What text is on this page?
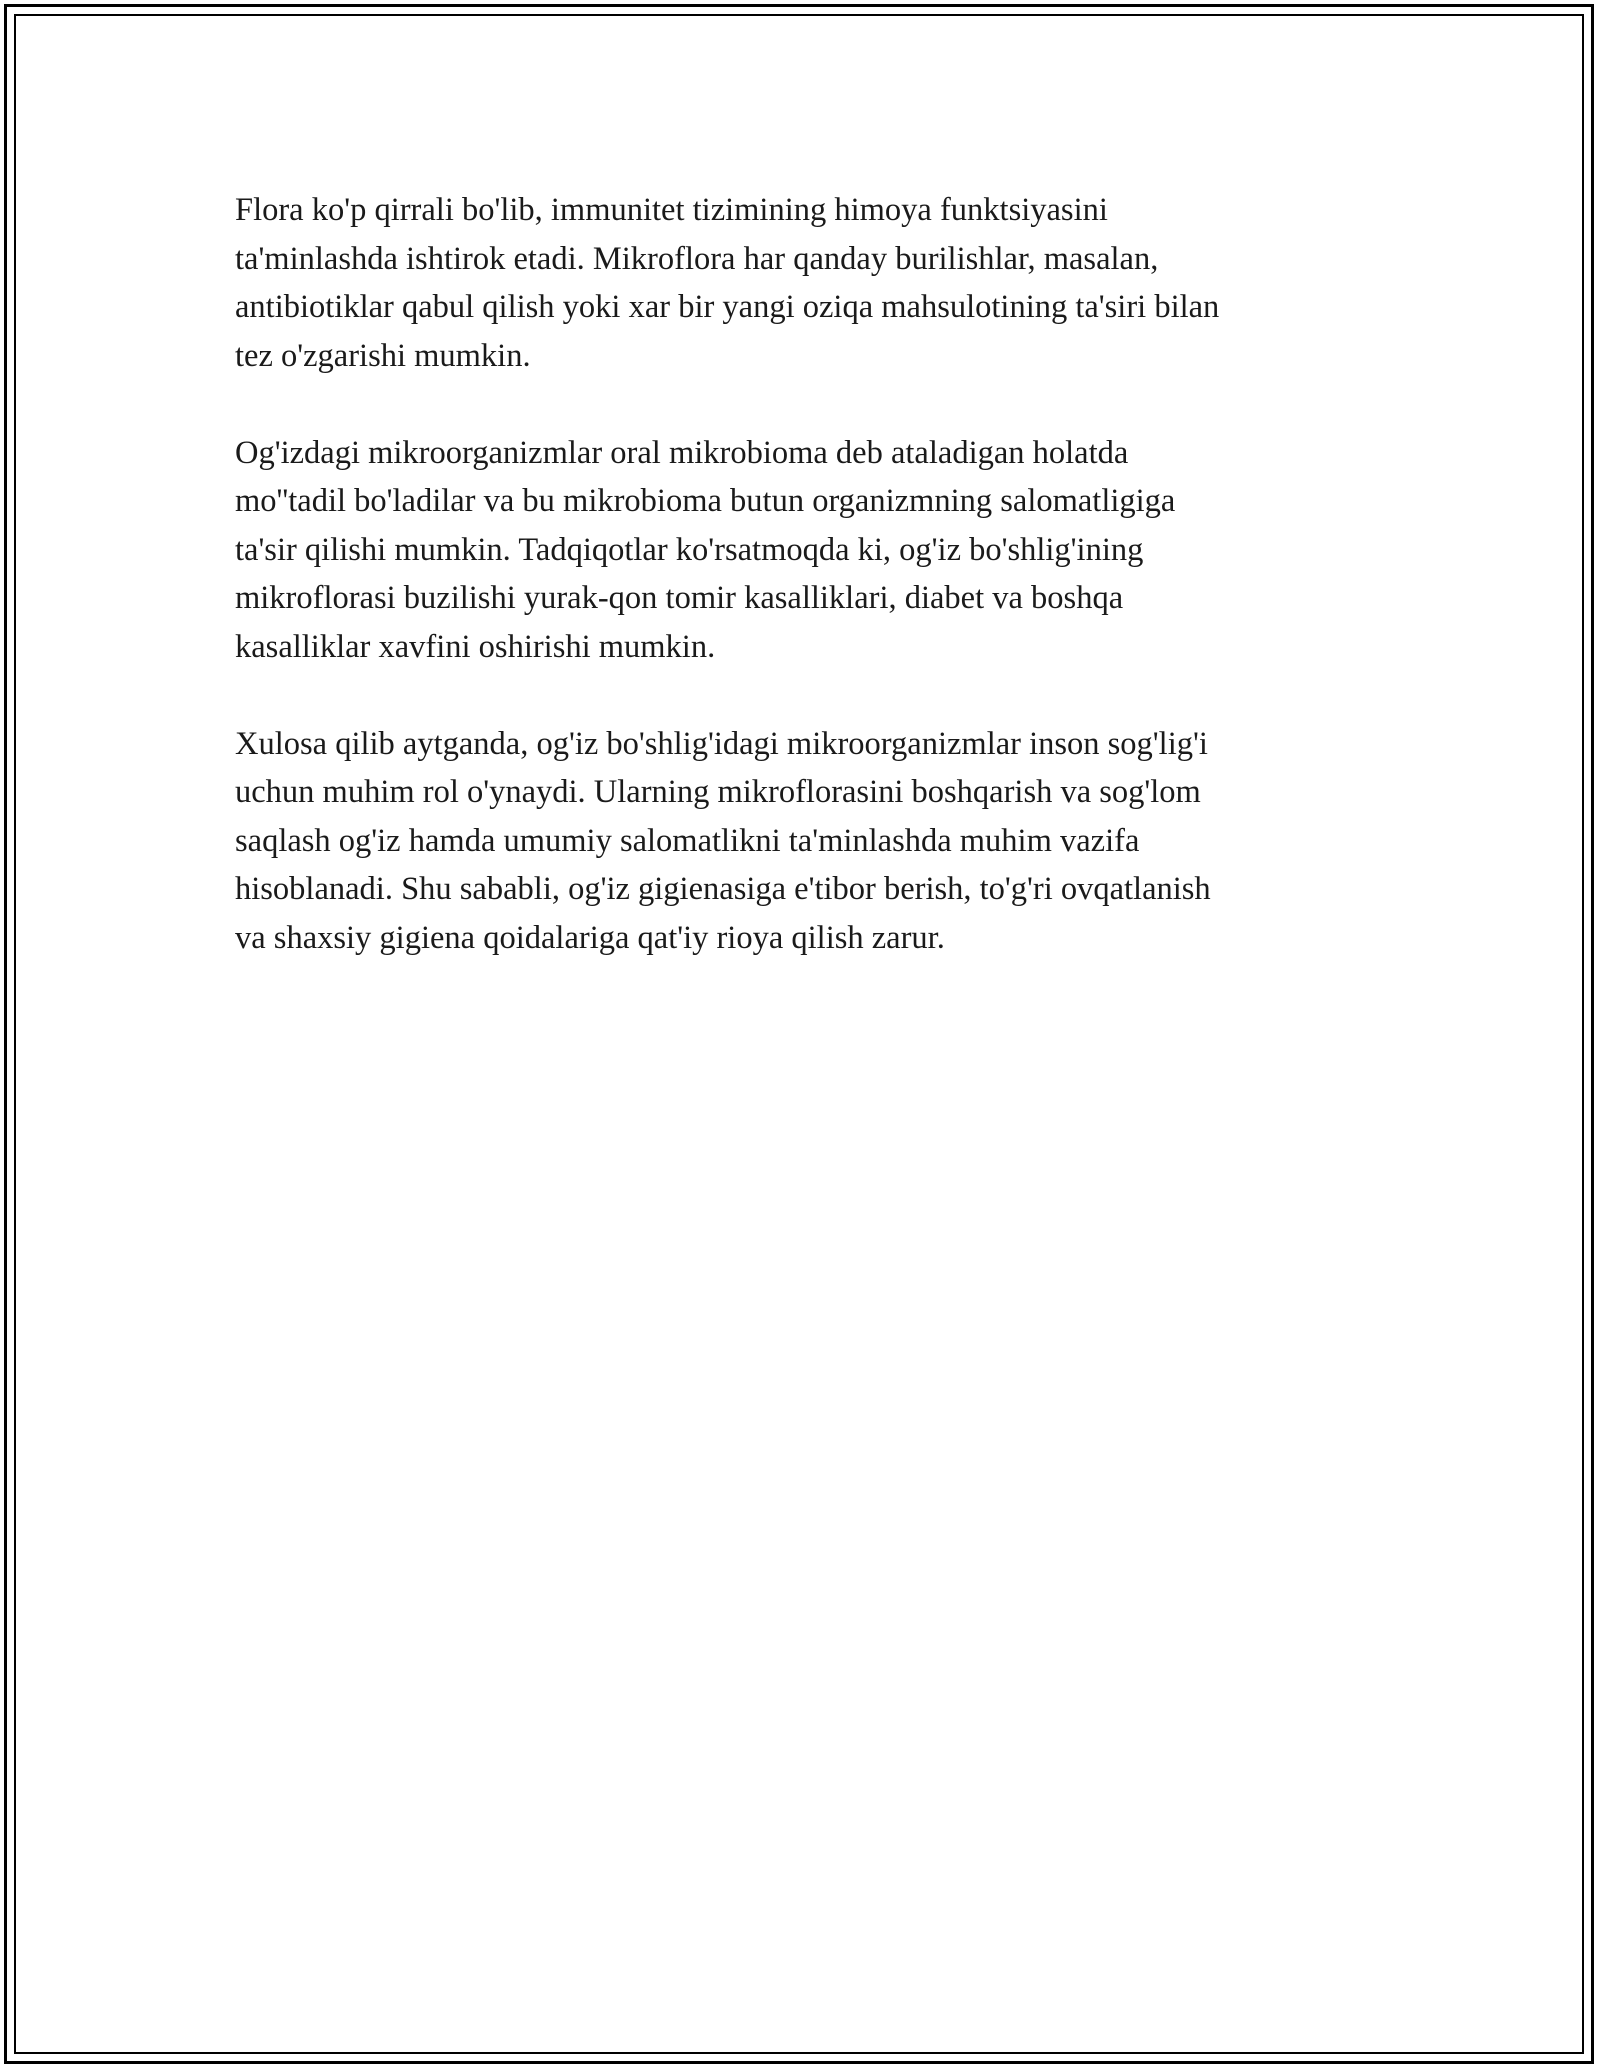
Flora ko'p qirrali bo'lib, immunitet tizimining himoya funktsiyasini
ta'minlashda ishtirok etadi. Mikroflora har qanday burilishlar, masalan,
antibiotiklar qabul qilish yoki xar bir yangi oziqa mahsulotining ta'siri bilan
tez o'zgarishi mumkin.

Og'izdagi mikroorganizmlar oral mikrobioma deb ataladigan holatda
mo''tadil bo'ladilar va bu mikrobioma butun organizmning salomatligiga
ta'sir qilishi mumkin. Tadqiqotlar ko'rsatmoqda ki, og'iz bo'shlig'ining
mikroflorasi buzilishi yurak-qon tomir kasalliklari, diabet va boshqa
kasalliklar xavfini oshirishi mumkin.

Xulosa qilib aytganda, og'iz bo'shlig'idagi mikroorganizmlar inson sog'lig'i
uchun muhim rol o'ynaydi. Ularning mikroflorasini boshqarish va sog'lom
saqlash og'iz hamda umumiy salomatlikni ta'minlashda muhim vazifa
hisoblanadi. Shu sababli, og'iz gigienasiga e'tibor berish, to'g'ri ovqatlanish
va shaxsiy gigiena qoidalariga qat'iy rioya qilish zarur.
